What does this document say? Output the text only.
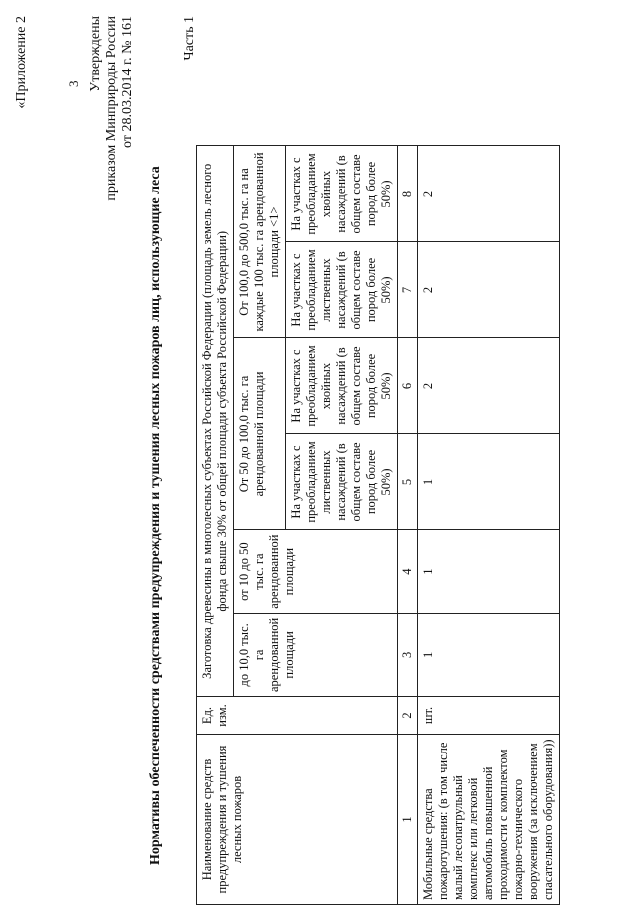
3
«Приложение 2	Утверждены приказом Минприроды России от 28.03.2014 г. № 161
Нормативы обеспеченности средствами предупреждения и тушения лесных пожаров лиц, использующие леса
Часть 1
Наименование средств предупреждения и тушения лесных пожаров	Ед. изм.	Заготовка древесины в многолесных субъектах Российской Федерации (площадь земель лесного фонда свыше 30% от общей площади субъекта Российской Федерации)					
		до 10,0 тыс. га арендованной площади	от 10 до 50 тыс. га арендованной площади	От 50 до 100,0 тыс. га арендованной площади		От 100,0 до 500,0 тыс. га на каждые 100 тыс. га арендованной площади <1>	
				На участках с преобладанием лиственных насаждений (в общем составе пород более 50%)	На участках с преобладанием хвойных насаждений (в общем составе пород более 50%)	На участках с преобладанием лиственных насаждений (в общем составе пород более 50%)	На участках с преобладанием хвойных насаждений (в общем составе пород более 50%)
1	2	3	4	5	6	7	8
Мобильные средства пожаротушения: (в том числе малый лесопатрульный комплекс или легковой автомобиль повышенной проходимости с комплектом пожарно-технического вооружения (за исключением спасательного оборудования))	шт.	1	1	1	2	2	2
